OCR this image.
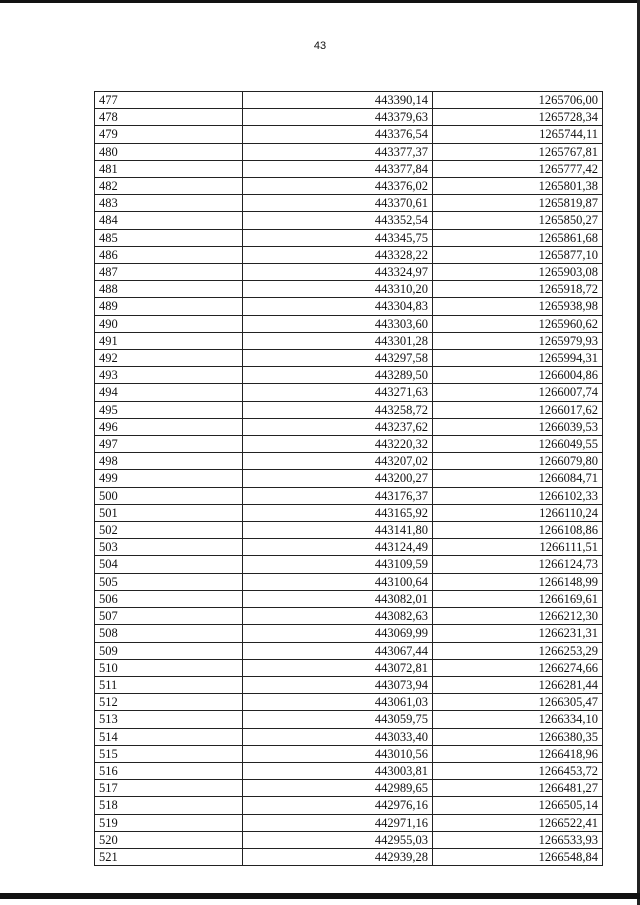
43
477	443390,14	1265706,00
478	443379,63	1265728,34
479	443376,54	1265744,11
480	443377,37	1265767,81
481	443377,84	1265777,42
482	443376,02	1265801,38
483	443370,61	1265819,87
484	443352,54	1265850,27
485	443345,75	1265861,68
486	443328,22	1265877,10
487	443324,97	1265903,08
488	443310,20	1265918,72
489	443304,83	1265938,98
490	443303,60	1265960,62
491	443301,28	1265979,93
492	443297,58	1265994,31
493	443289,50	1266004,86
494	443271,63	1266007,74
495	443258,72	1266017,62
496	443237,62	1266039,53
497	443220,32	1266049,55
498	443207,02	1266079,80
499	443200,27	1266084,71
500	443176,37	1266102,33
501	443165,92	1266110,24
502	443141,80	1266108,86
503	443124,49	1266111,51
504	443109,59	1266124,73
505	443100,64	1266148,99
506	443082,01	1266169,61
507	443082,63	1266212,30
508	443069,99	1266231,31
509	443067,44	1266253,29
510	443072,81	1266274,66
511	443073,94	1266281,44
512	443061,03	1266305,47
513	443059,75	1266334,10
514	443033,40	1266380,35
515	443010,56	1266418,96
516	443003,81	1266453,72
517	442989,65	1266481,27
518	442976,16	1266505,14
519	442971,16	1266522,41
520	442955,03	1266533,93
521	442939,28	1266548,84
